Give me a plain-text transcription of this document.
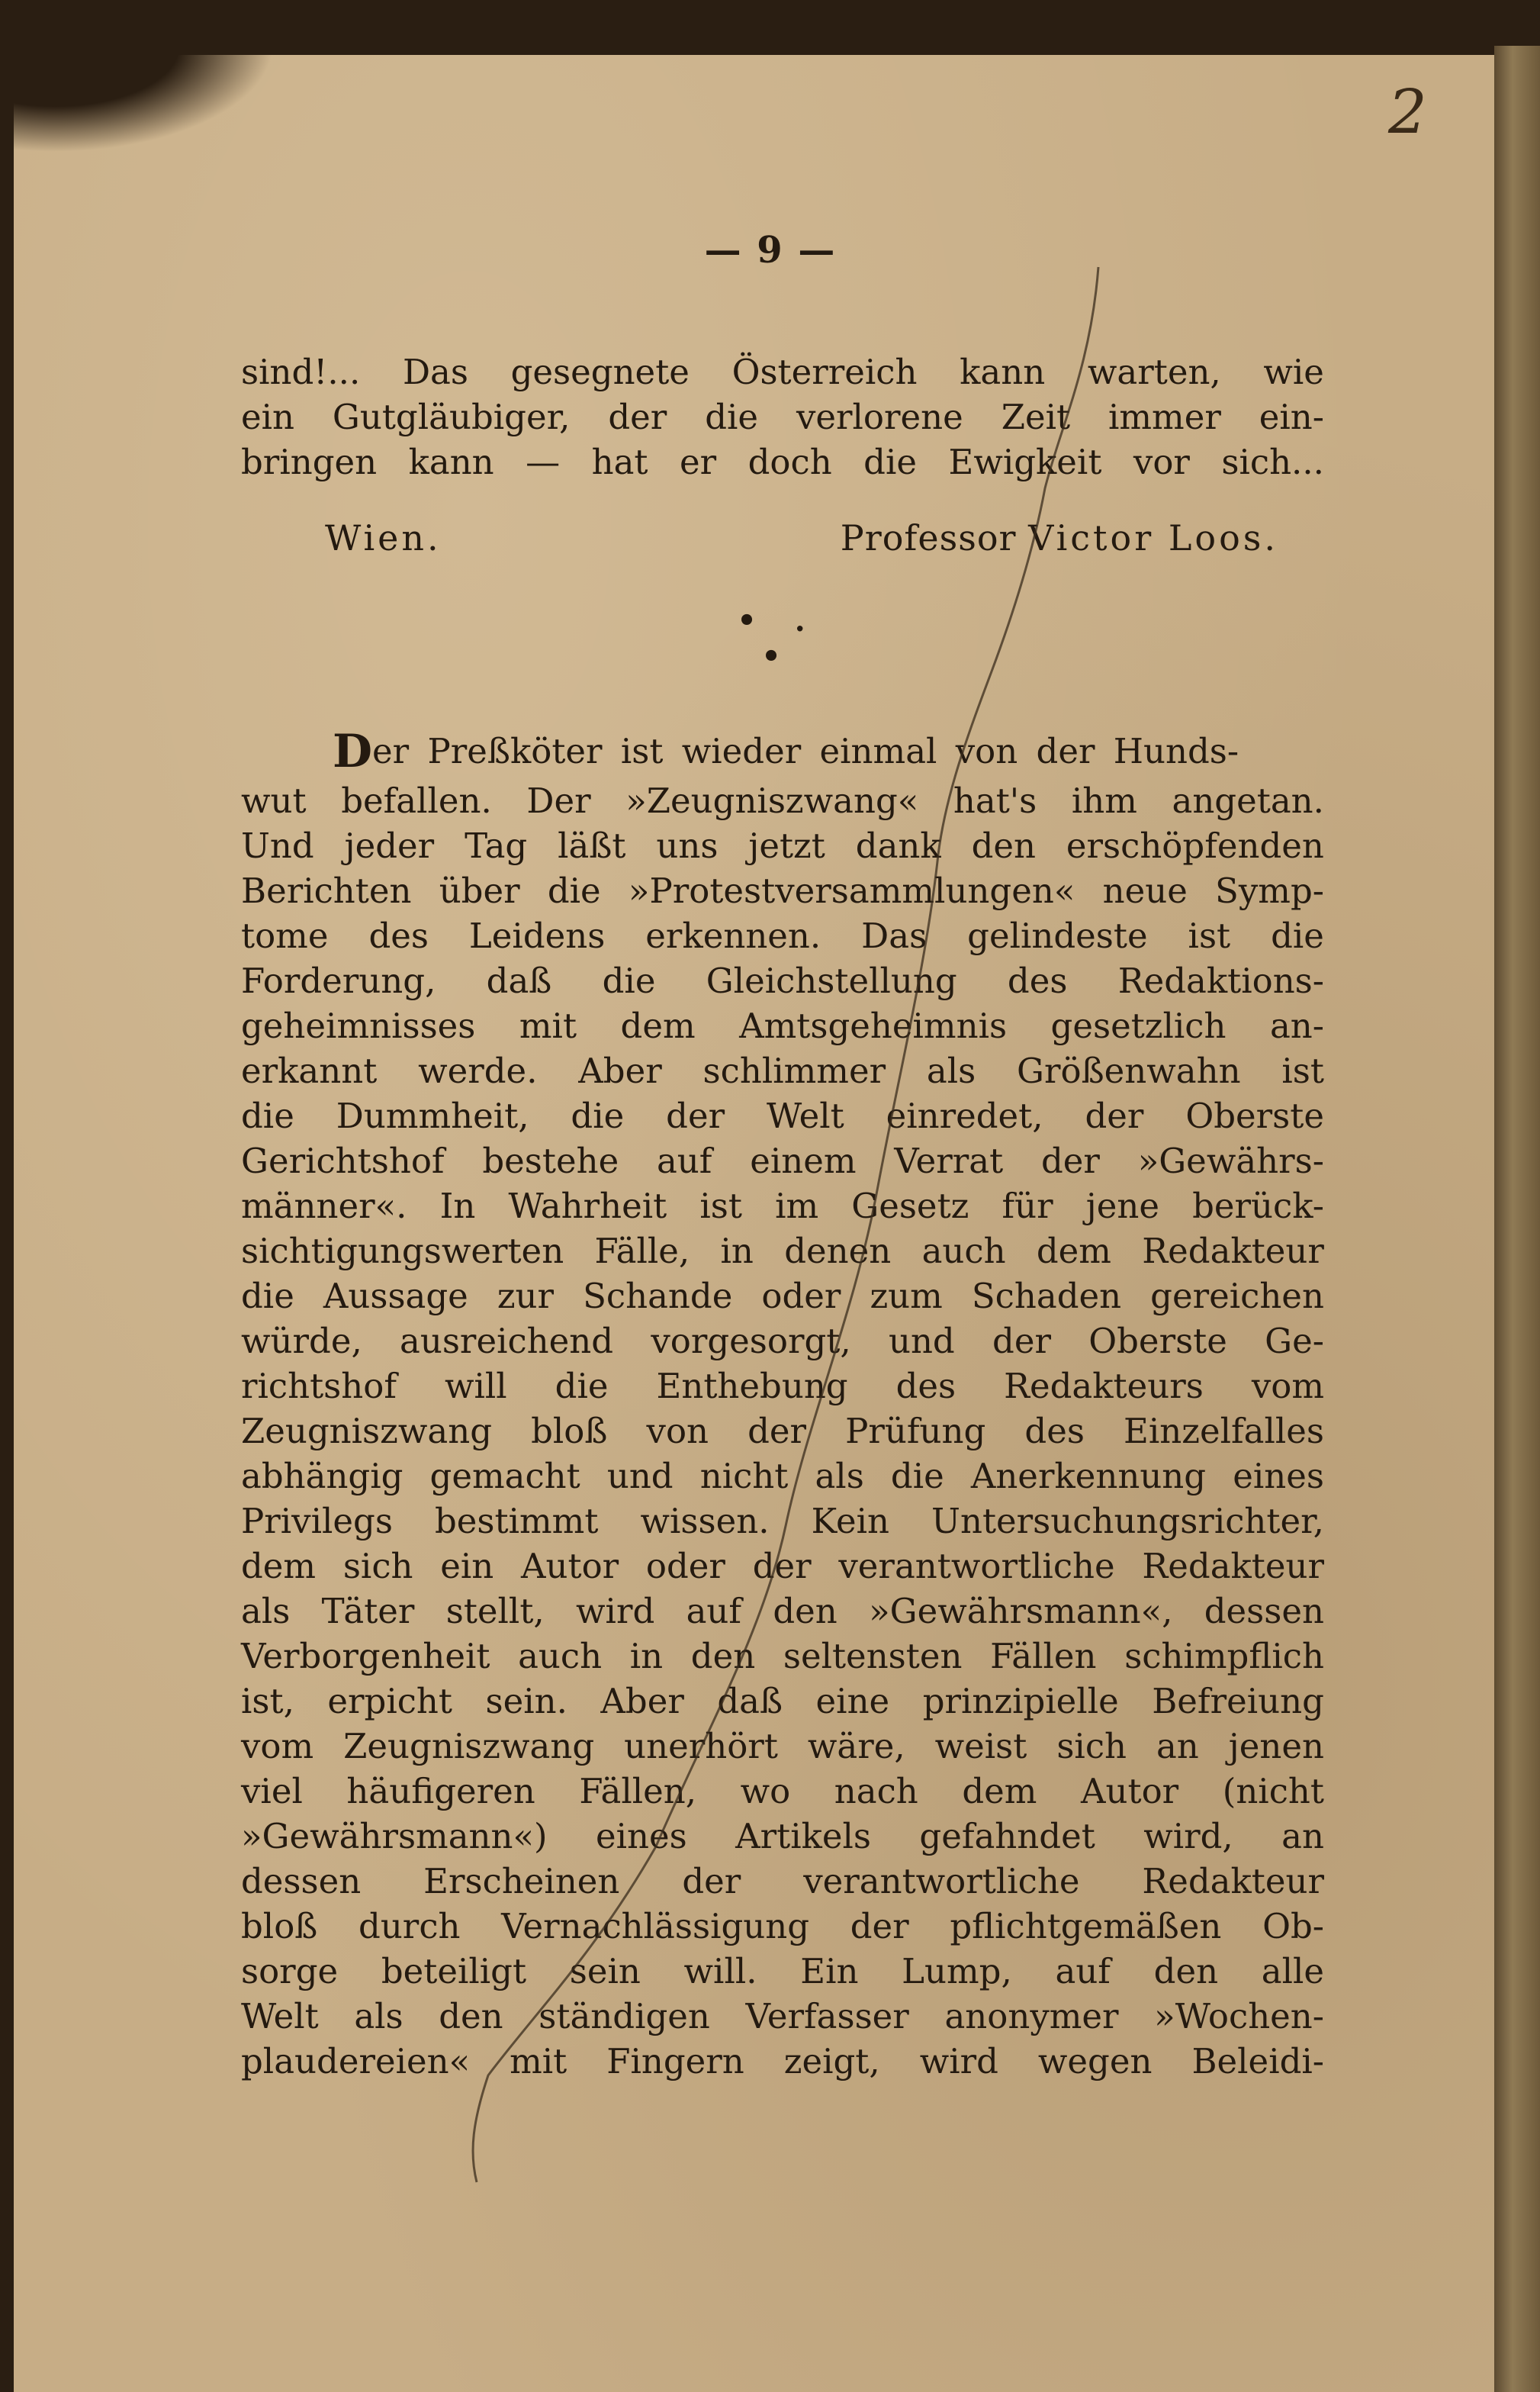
2
— 9 —
sind!... Das gesegnete Österreich kann warten, wie
ein Gutgläubiger, der die verlorene Zeit immer ein-
bringen kann — hat er doch die Ewigkeit vor sich...
Wien.	Professor Victor Loos.
• . •
D er Preßköter ist wieder einmal von der Hunds-
wut befallen. Der »Zeugniszwang« hat's ihm angetan.
Und jeder Tag läßt uns jetzt dank den erschöpfenden
Berichten über die »Protestversammlungen« neue Symp-
tome des Leidens erkennen. Das gelindeste ist die
Forderung, daß die Gleichstellung des Redaktions-
geheimnisses mit dem Amtsgeheimnis gesetzlich an-
erkannt werde. Aber schlimmer als Größenwahn ist
die Dummheit, die der Welt einredet, der Oberste
Gerichtshof bestehe auf einem Verrat der »Gewährs-
männer«. In Wahrheit ist im Gesetz für jene berück-
sichtigungswerten Fälle, in denen auch dem Redakteur
die Aussage zur Schande oder zum Schaden gereichen
würde, ausreichend vorgesorgt, und der Oberste Ge-
richtshof will die Enthebung des Redakteurs vom
Zeugniszwang bloß von der Prüfung des Einzelfalles
abhängig gemacht und nicht als die Anerkennung eines
Privilegs bestimmt wissen. Kein Untersuchungsrichter,
dem sich ein Autor oder der verantwortliche Redakteur
als Täter stellt, wird auf den »Gewährsmann«, dessen
Verborgenheit auch in den seltensten Fällen schimpflich
ist, erpicht sein. Aber daß eine prinzipielle Befreiung
vom Zeugniszwang unerhört wäre, weist sich an jenen
viel häufigeren Fällen, wo nach dem Autor (nicht
»Gewährsmann«) eines Artikels gefahndet wird, an
dessen Erscheinen der verantwortliche Redakteur
bloß durch Vernachlässigung der pflichtgemäßen Ob-
sorge beteiligt sein will. Ein Lump, auf den alle
Welt als den ständigen Verfasser anonymer »Wochen-
plaudereien« mit Fingern zeigt, wird wegen Beleidi-
